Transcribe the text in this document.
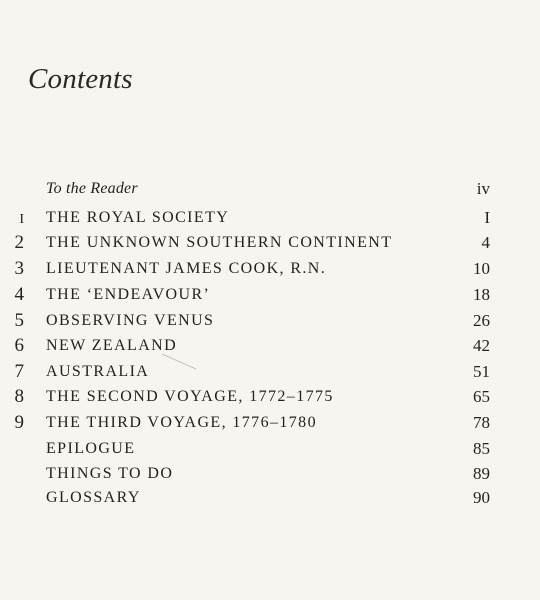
Contents
To the Reader	iv
I THE ROYAL SOCIETY	I
2 THE UNKNOWN SOUTHERN CONTINENT	4
3 LIEUTENANT JAMES COOK, R.N.	10
4 THE ‘ENDEAVOUR’	18
5 OBSERVING VENUS	26
6 NEW ZEALAND	42
7 AUSTRALIA	51
8 THE SECOND VOYAGE, 1772–1775	65
9 THE THIRD VOYAGE, 1776–1780	78
EPILOGUE	85
THINGS TO DO	89
GLOSSARY	90
